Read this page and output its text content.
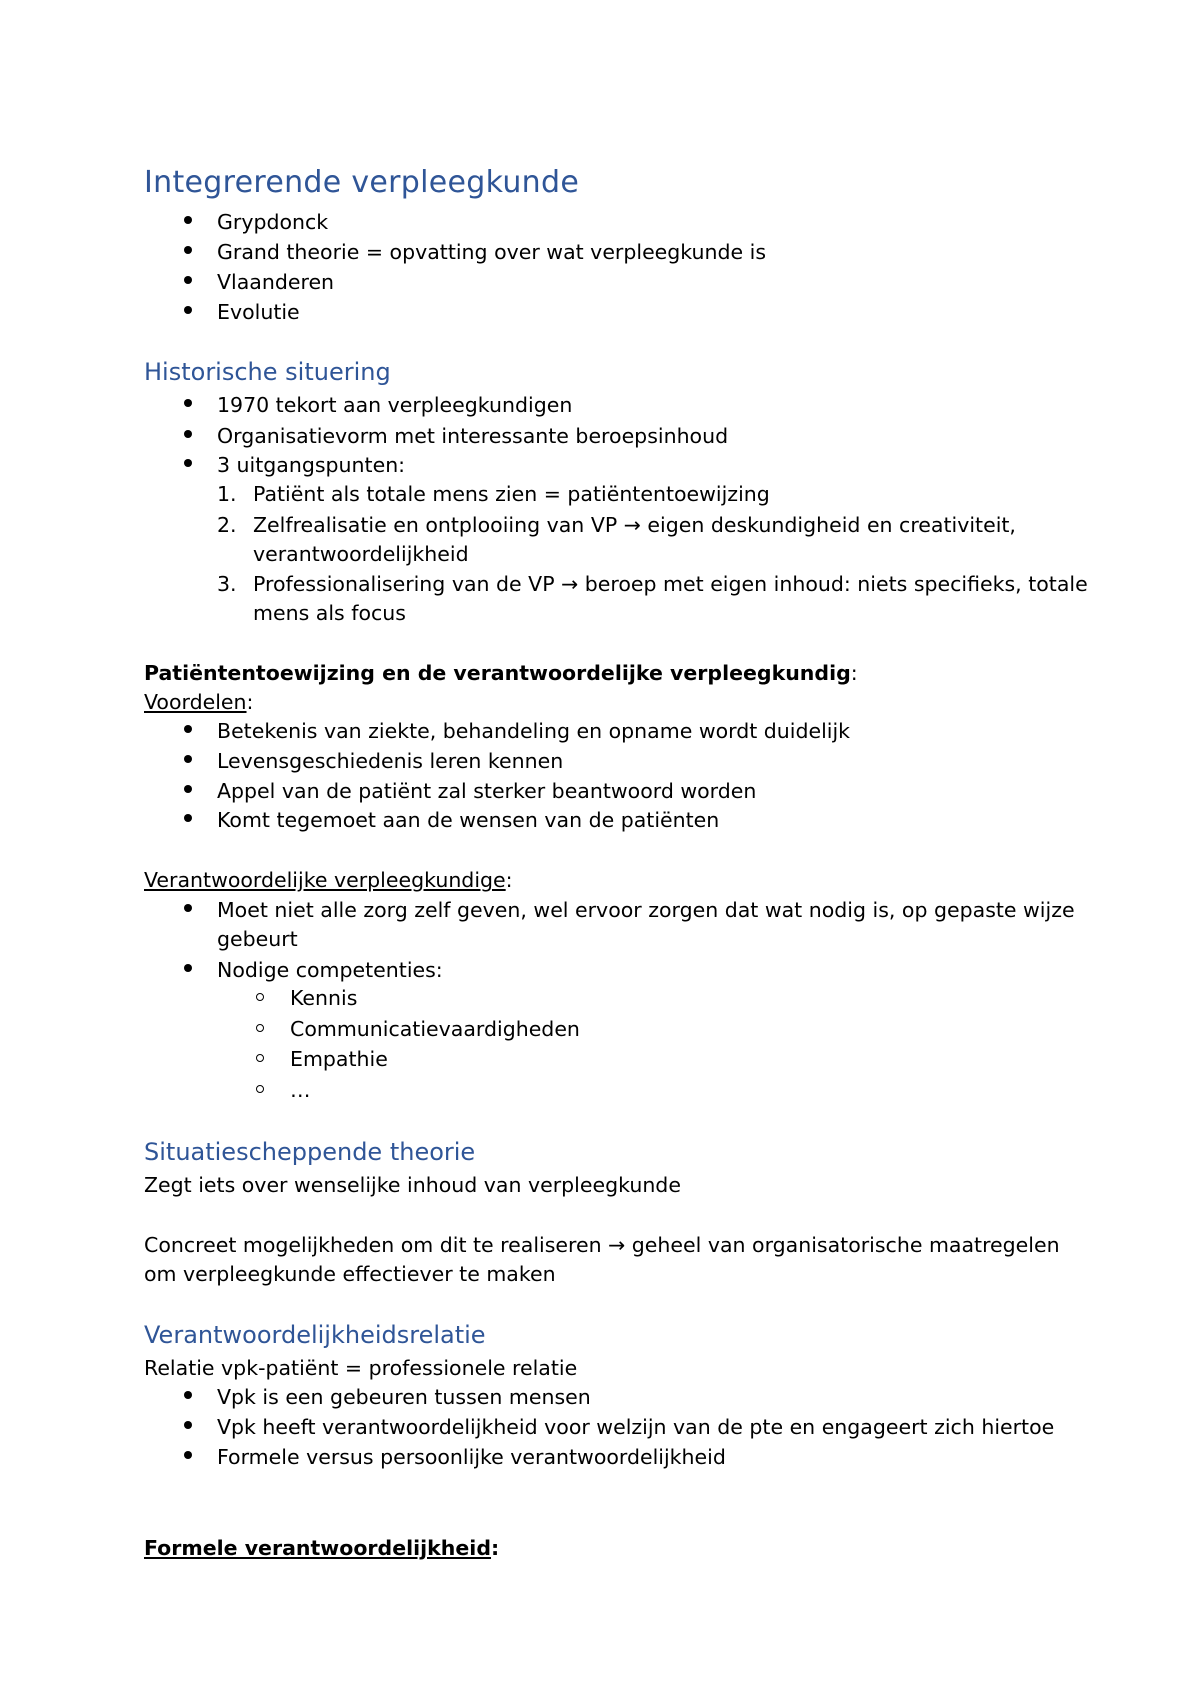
Integrerende verpleegkunde
Grypdonck
Grand theorie = opvatting over wat verpleegkunde is
Vlaanderen
Evolutie
Historische situering
1970 tekort aan verpleegkundigen
Organisatievorm met interessante beroepsinhoud
3 uitgangspunten:
1. Patiënt als totale mens zien = patiëntentoewijzing
2. Zelfrealisatie en ontplooiing van VP → eigen deskundigheid en creativiteit,
verantwoordelijkheid
3. Professionalisering van de VP → beroep met eigen inhoud: niets specifieks, totale
mens als focus
Patiëntentoewijzing en de verantwoordelijke verpleegkundig:
Voordelen:
Betekenis van ziekte, behandeling en opname wordt duidelijk
Levensgeschiedenis leren kennen
Appel van de patiënt zal sterker beantwoord worden
Komt tegemoet aan de wensen van de patiënten
Verantwoordelijke verpleegkundige:
Moet niet alle zorg zelf geven, wel ervoor zorgen dat wat nodig is, op gepaste wijze
gebeurt
Nodige competenties:
Kennis
Communicatievaardigheden
Empathie
…
Situatiescheppende theorie
Zegt iets over wenselijke inhoud van verpleegkunde
Concreet mogelijkheden om dit te realiseren → geheel van organisatorische maatregelen
om verpleegkunde effectiever te maken
Verantwoordelijkheidsrelatie
Relatie vpk-patiënt = professionele relatie
Vpk is een gebeuren tussen mensen
Vpk heeft verantwoordelijkheid voor welzijn van de pte en engageert zich hiertoe
Formele versus persoonlijke verantwoordelijkheid
Formele verantwoordelijkheid:
